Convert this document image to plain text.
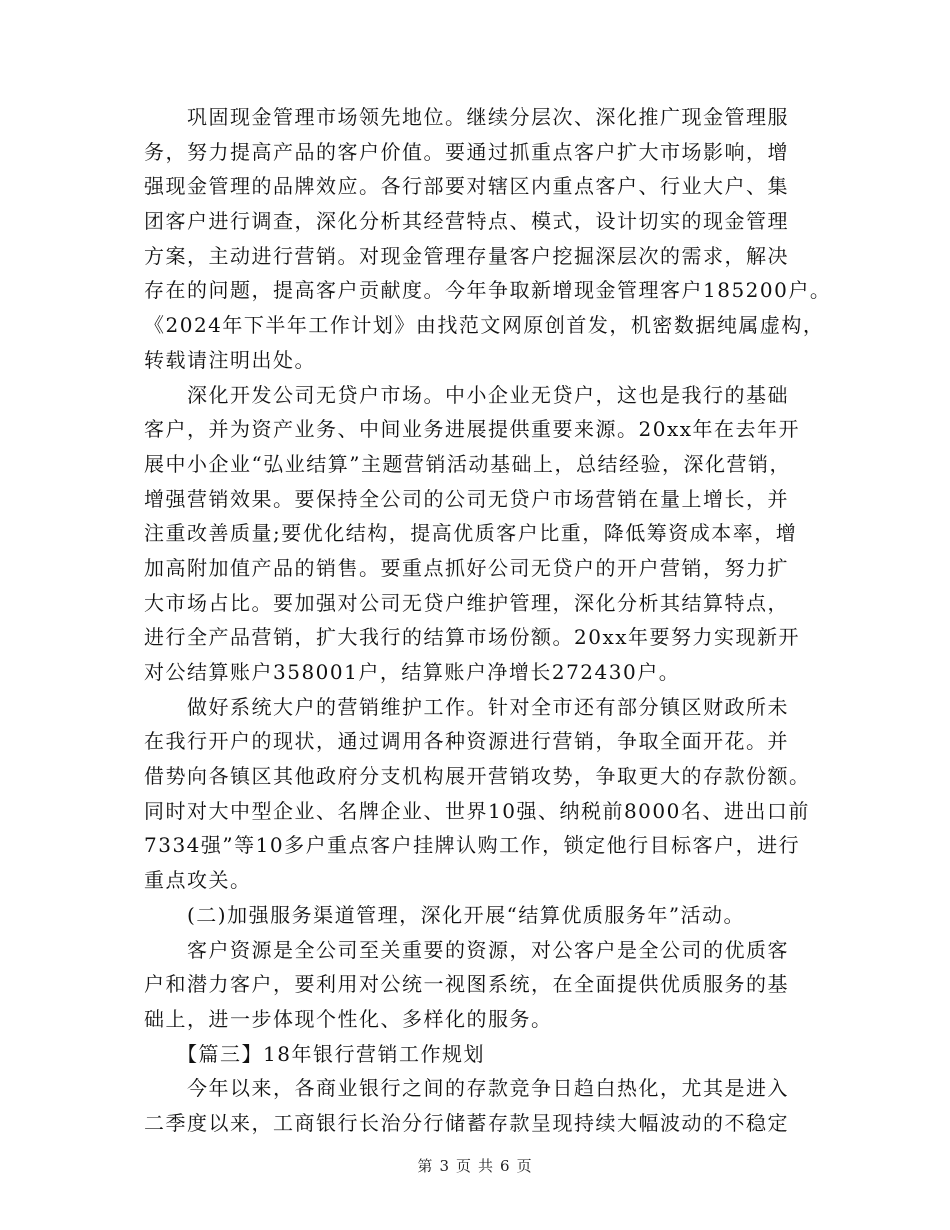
　　巩固现金管理市场领先地位。继续分层次、深化推广现金管理服
务，努力提高产品的客户价值。要通过抓重点客户扩大市场影响，增
强现金管理的品牌效应。各行部要对辖区内重点客户、行业大户、集
团客户进行调查，深化分析其经营特点、模式，设计切实的现金管理
方案，主动进行营销。对现金管理存量客户挖掘深层次的需求，解决
存在的问题，提高客户贡献度。今年争取新增现金管理客户185200户。
《2024年下半年工作计划》由找范文网原创首发，机密数据纯属虚构，
转载请注明出处。
　　深化开发公司无贷户市场。中小企业无贷户，这也是我行的基础
客户，并为资产业务、中间业务进展提供重要来源。20xx年在去年开
展中小企业“弘业结算”主题营销活动基础上，总结经验，深化营销，
增强营销效果。要保持全公司的公司无贷户市场营销在量上增长，并
注重改善质量;要优化结构，提高优质客户比重，降低筹资成本率，增
加高附加值产品的销售。要重点抓好公司无贷户的开户营销，努力扩
大市场占比。要加强对公司无贷户维护管理，深化分析其结算特点，
进行全产品营销，扩大我行的结算市场份额。20xx年要努力实现新开
对公结算账户358001户，结算账户净增长272430户。
　　做好系统大户的营销维护工作。针对全市还有部分镇区财政所未
在我行开户的现状，通过调用各种资源进行营销，争取全面开花。并
借势向各镇区其他政府分支机构展开营销攻势，争取更大的存款份额。
同时对大中型企业、名牌企业、世界10强、纳税前8000名、进出口前
7334强”等10多户重点客户挂牌认购工作，锁定他行目标客户，进行
重点攻关。
　　(二)加强服务渠道管理，深化开展“结算优质服务年”活动。
　　客户资源是全公司至关重要的资源，对公客户是全公司的优质客
户和潜力客户，要利用对公统一视图系统，在全面提供优质服务的基
础上，进一步体现个性化、多样化的服务。
　　【篇三】18年银行营销工作规划
　　今年以来，各商业银行之间的存款竞争日趋白热化，尤其是进入
二季度以来，工商银行长治分行储蓄存款呈现持续大幅波动的不稳定
第 3 页 共 6 页
